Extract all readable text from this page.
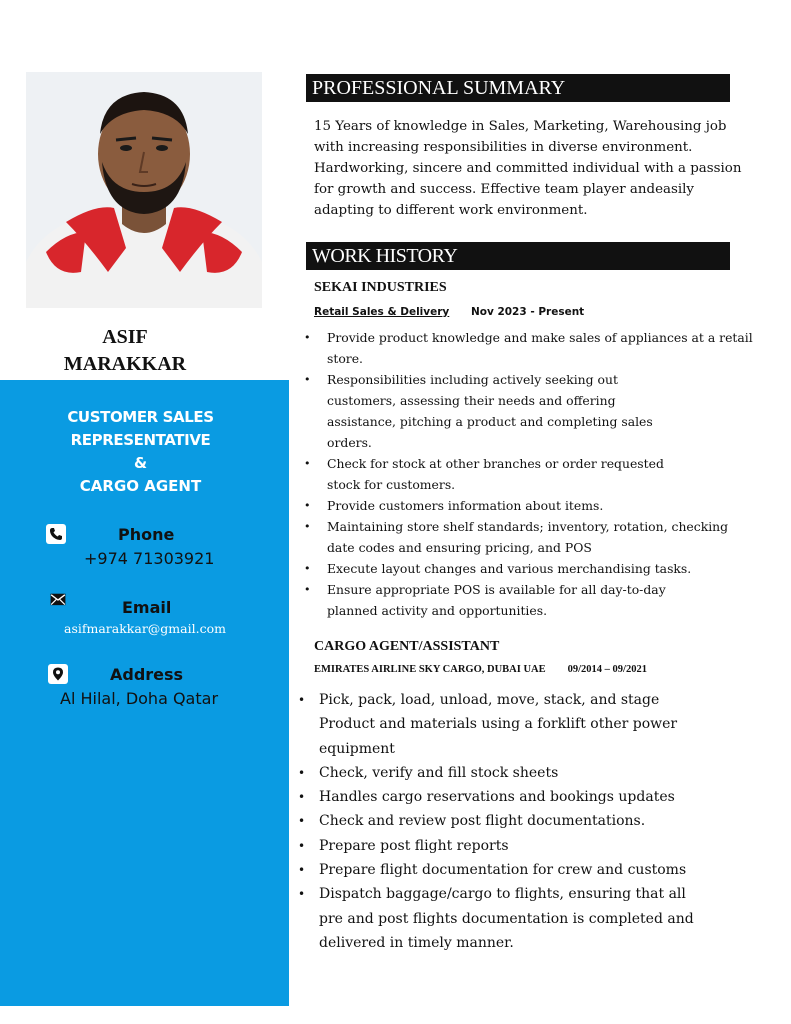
ASIF
MARAKKAR
CUSTOMER SALES
REPRESENTATIVE
&
CARGO AGENT
Phone
+974 71303921
Email
asifmarakkar@gmail.com
Address
Al Hilal, Doha Qatar
PROFESSIONAL SUMMARY
15 Years of knowledge in Sales, Marketing, Warehousing job with increasing responsibilities in diverse environment. Hardworking, sincere and committed individual with a passion for growth and success. Effective team player andeasily adapting to different work environment.
WORK HISTORY
SEKAI INDUSTRIES
Retail Sales & Delivery Nov 2023 - Present
• Provide product knowledge and make sales of appliances at a retail store.
• Responsibilities including actively seeking out customers, assessing their needs and offering assistance, pitching a product and completing sales orders.
• Check for stock at other branches or order requested stock for customers.
• Provide customers information about items.
• Maintaining store shelf standards; inventory, rotation, checking date codes and ensuring pricing, and POS
• Execute layout changes and various merchandising tasks.
• Ensure appropriate POS is available for all day-to-day planned activity and opportunities.
CARGO AGENT/ASSISTANT
EMIRATES AIRLINE SKY CARGO, DUBAI UAE 09/2014 – 09/2021
• Pick, pack, load, unload, move, stack, and stage Product and materials using a forklift other power equipment
• Check, verify and fill stock sheets
• Handles cargo reservations and bookings updates
• Check and review post flight documentations.
• Prepare post flight reports
• Prepare flight documentation for crew and customs
• Dispatch baggage/cargo to flights, ensuring that all pre and post flights documentation is completed and delivered in timely manner.
